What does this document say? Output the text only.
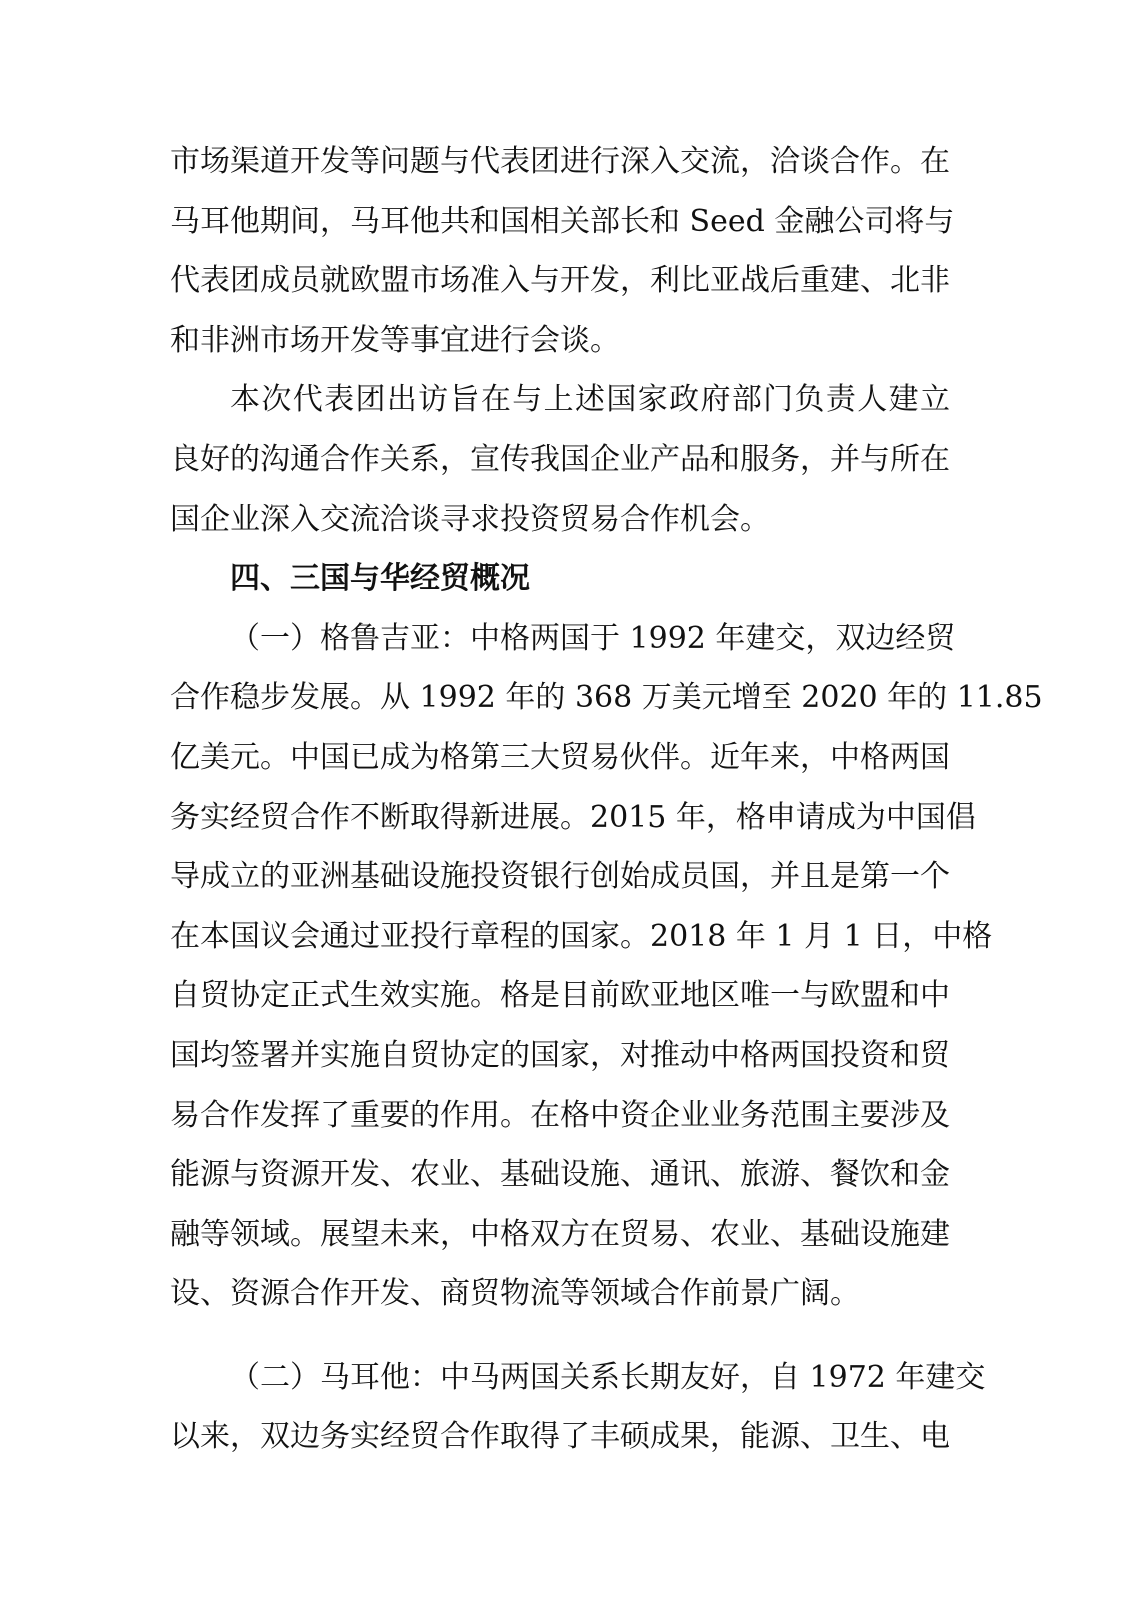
市场渠道开发等问题与代表团进行深入交流，洽谈合作。在
马耳他期间，马耳他共和国相关部长和 Seed 金融公司将与
代表团成员就欧盟市场准入与开发，利比亚战后重建、北非
和非洲市场开发等事宜进行会谈。
本次代表团出访旨在与上述国家政府部门负责人建立
良好的沟通合作关系，宣传我国企业产品和服务，并与所在
国企业深入交流洽谈寻求投资贸易合作机会。
四、三国与华经贸概况
（一）格鲁吉亚：中格两国于 1992 年建交，双边经贸
合作稳步发展。从 1992 年的 368 万美元增至 2020 年的 11.85
亿美元。中国已成为格第三大贸易伙伴。近年来，中格两国
务实经贸合作不断取得新进展。2015 年，格申请成为中国倡
导成立的亚洲基础设施投资银行创始成员国，并且是第一个
在本国议会通过亚投行章程的国家。2018 年 1 月 1 日，中格
自贸协定正式生效实施。格是目前欧亚地区唯一与欧盟和中
国均签署并实施自贸协定的国家，对推动中格两国投资和贸
易合作发挥了重要的作用。在格中资企业业务范围主要涉及
能源与资源开发、农业、基础设施、通讯、旅游、餐饮和金
融等领域。展望未来，中格双方在贸易、农业、基础设施建
设、资源合作开发、商贸物流等领域合作前景广阔。
（二）马耳他：中马两国关系长期友好，自 1972 年建交
以来，双边务实经贸合作取得了丰硕成果，能源、卫生、电
